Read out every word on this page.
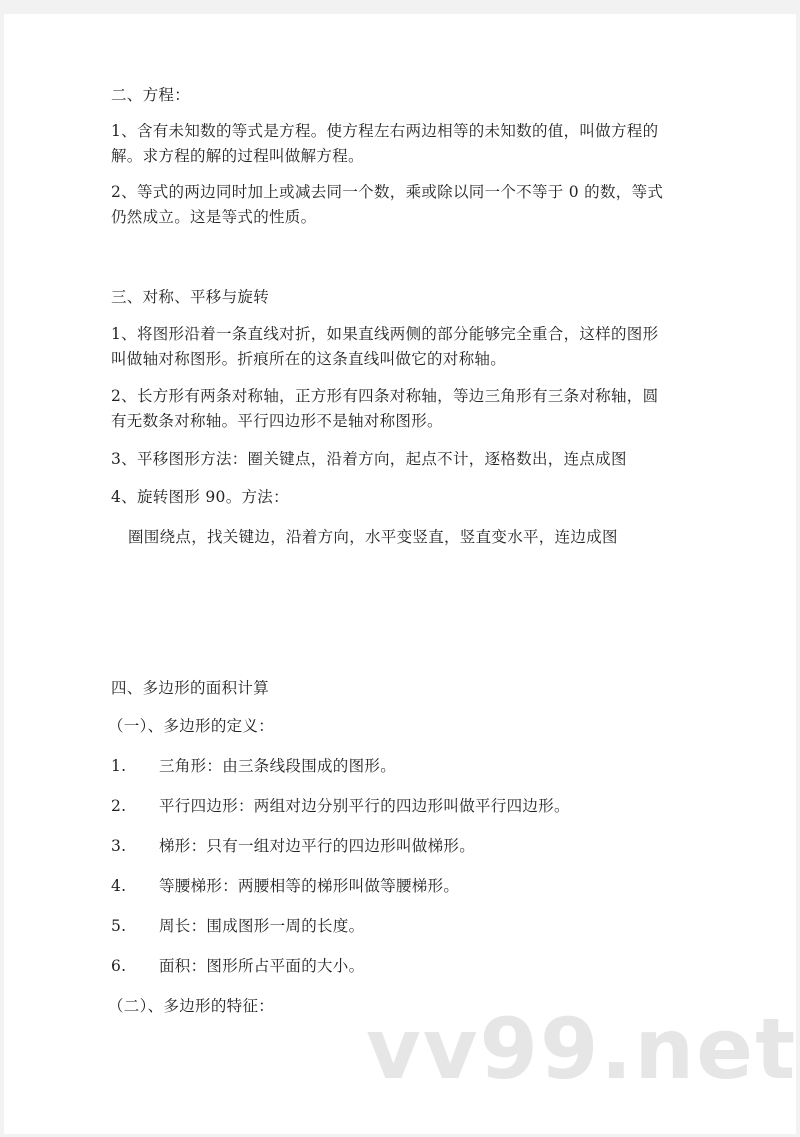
二、方程：
1、含有未知数的等式是方程。使方程左右两边相等的未知数的值，叫做方程的
解。求方程的解的过程叫做解方程。
2、等式的两边同时加上或减去同一个数，乘或除以同一个不等于 0 的数，等式
仍然成立。这是等式的性质。
三、对称、平移与旋转
1、将图形沿着一条直线对折，如果直线两侧的部分能够完全重合，这样的图形
叫做轴对称图形。折痕所在的这条直线叫做它的对称轴。
2、长方形有两条对称轴，正方形有四条对称轴，等边三角形有三条对称轴，圆
有无数条对称轴。平行四边形不是轴对称图形。
3、平移图形方法：圈关键点，沿着方向，起点不计，逐格数出，连点成图
4、旋转图形 90。方法：
圈围绕点，找关键边，沿着方向，水平变竖直，竖直变水平，连边成图
四、多边形的面积计算
（一）、多边形的定义：
1. 三角形：由三条线段围成的图形。
2. 平行四边形：两组对边分别平行的四边形叫做平行四边形。
3. 梯形：只有一组对边平行的四边形叫做梯形。
4. 等腰梯形：两腰相等的梯形叫做等腰梯形。
5. 周长：围成图形一周的长度。
6. 面积：图形所占平面的大小。
（二）、多边形的特征： vv99.net
